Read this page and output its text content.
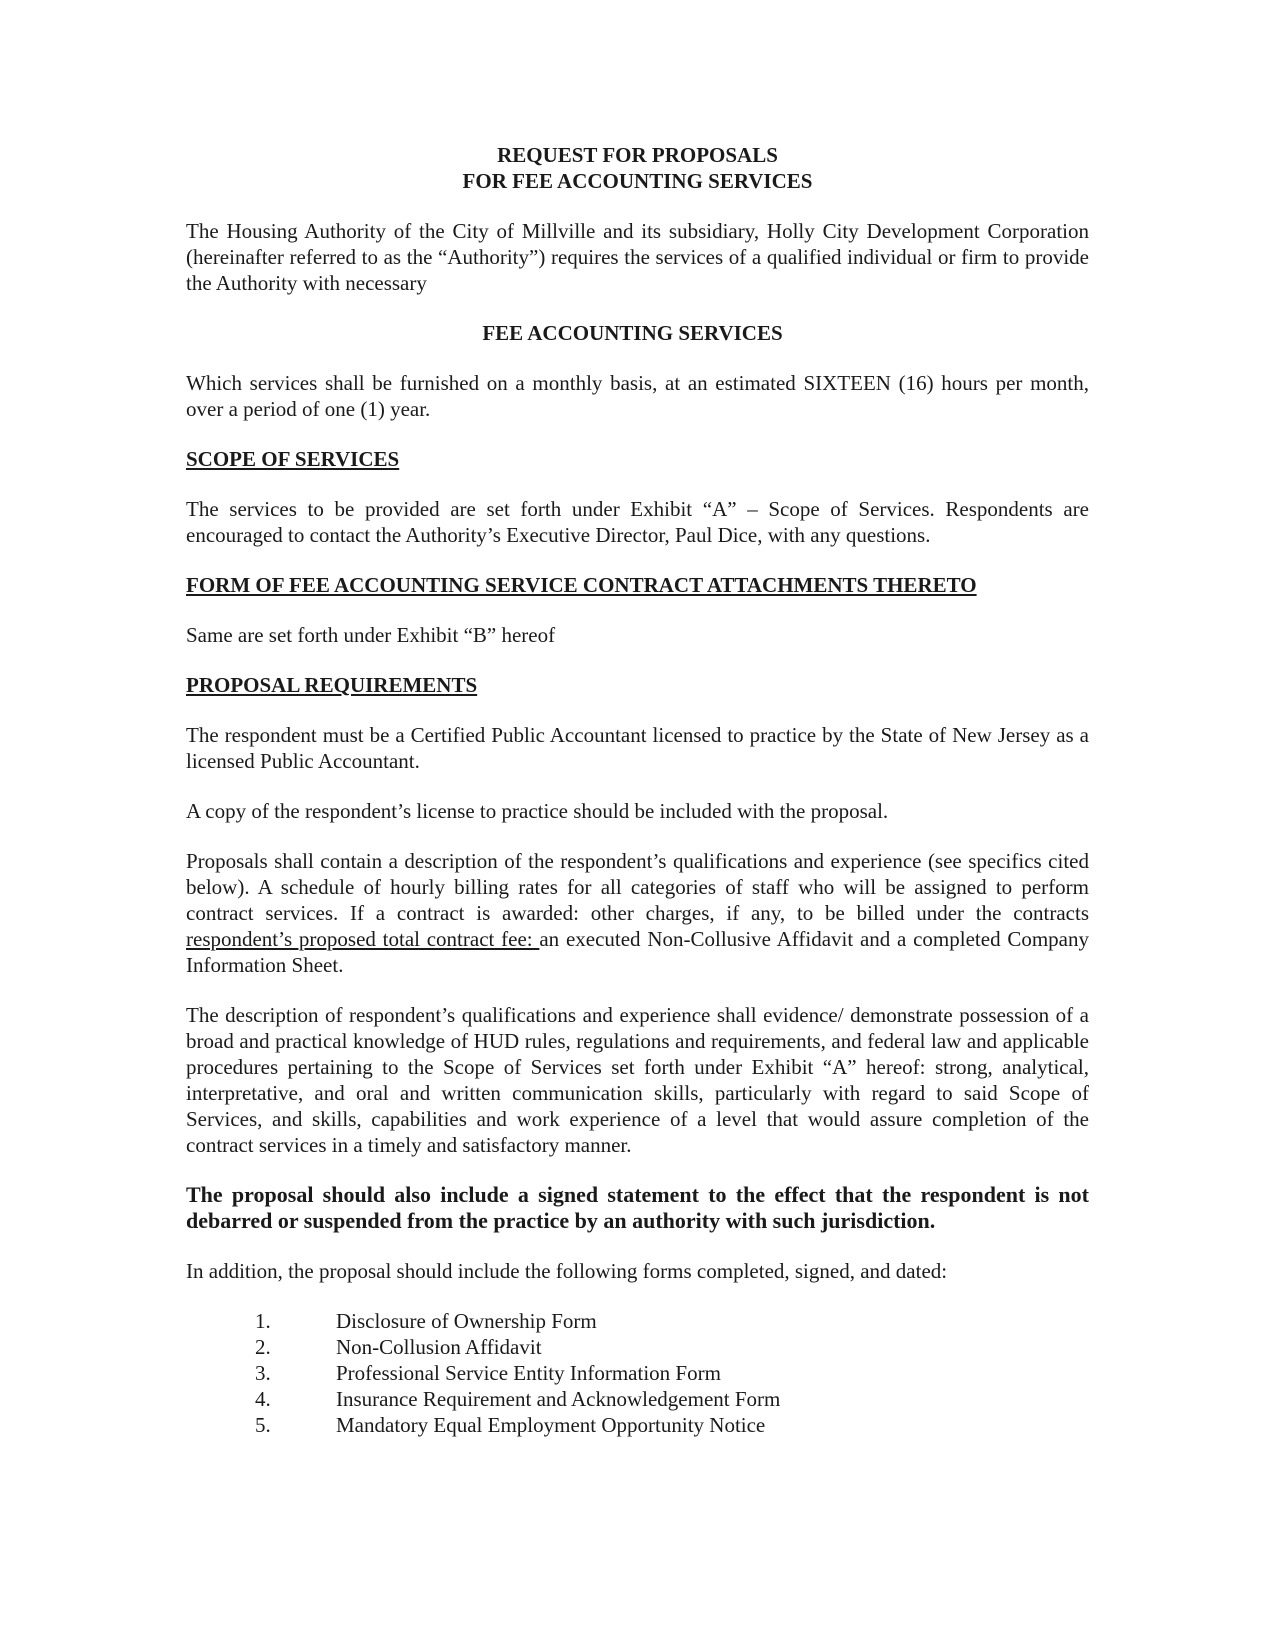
REQUEST FOR PROPOSALS
FOR FEE ACCOUNTING SERVICES

The Housing Authority of the City of Millville and its subsidiary, Holly City Development Corporation (hereinafter referred to as the “Authority”) requires the services of a qualified individual or firm to provide the Authority with necessary

FEE ACCOUNTING SERVICES

Which services shall be furnished on a monthly basis, at an estimated SIXTEEN (16) hours per month, over a period of one (1) year.

SCOPE OF SERVICES

The services to be provided are set forth under Exhibit “A” – Scope of Services. Respondents are encouraged to contact the Authority’s Executive Director, Paul Dice, with any questions.

FORM OF FEE ACCOUNTING SERVICE CONTRACT ATTACHMENTS THERETO

Same are set forth under Exhibit “B” hereof

PROPOSAL REQUIREMENTS

The respondent must be a Certified Public Accountant licensed to practice by the State of New Jersey as a licensed Public Accountant.

A copy of the respondent’s license to practice should be included with the proposal.

Proposals shall contain a description of the respondent’s qualifications and experience (see specifics cited below). A schedule of hourly billing rates for all categories of staff who will be assigned to perform contract services. If a contract is awarded: other charges, if any, to be billed under the contracts respondent’s proposed total contract fee: an executed Non-Collusive Affidavit and a completed Company Information Sheet.

The description of respondent’s qualifications and experience shall evidence/ demonstrate possession of a broad and practical knowledge of HUD rules, regulations and requirements, and federal law and applicable procedures pertaining to the Scope of Services set forth under Exhibit “A” hereof: strong, analytical, interpretative, and oral and written communication skills, particularly with regard to said Scope of Services, and skills, capabilities and work experience of a level that would assure completion of the contract services in a timely and satisfactory manner.

The proposal should also include a signed statement to the effect that the respondent is not debarred or suspended from the practice by an authority with such jurisdiction.

In addition, the proposal should include the following forms completed, signed, and dated:

1.	Disclosure of Ownership Form
2.	Non-Collusion Affidavit
3.	Professional Service Entity Information Form
4.	Insurance Requirement and Acknowledgement Form
5.	Mandatory Equal Employment Opportunity Notice
